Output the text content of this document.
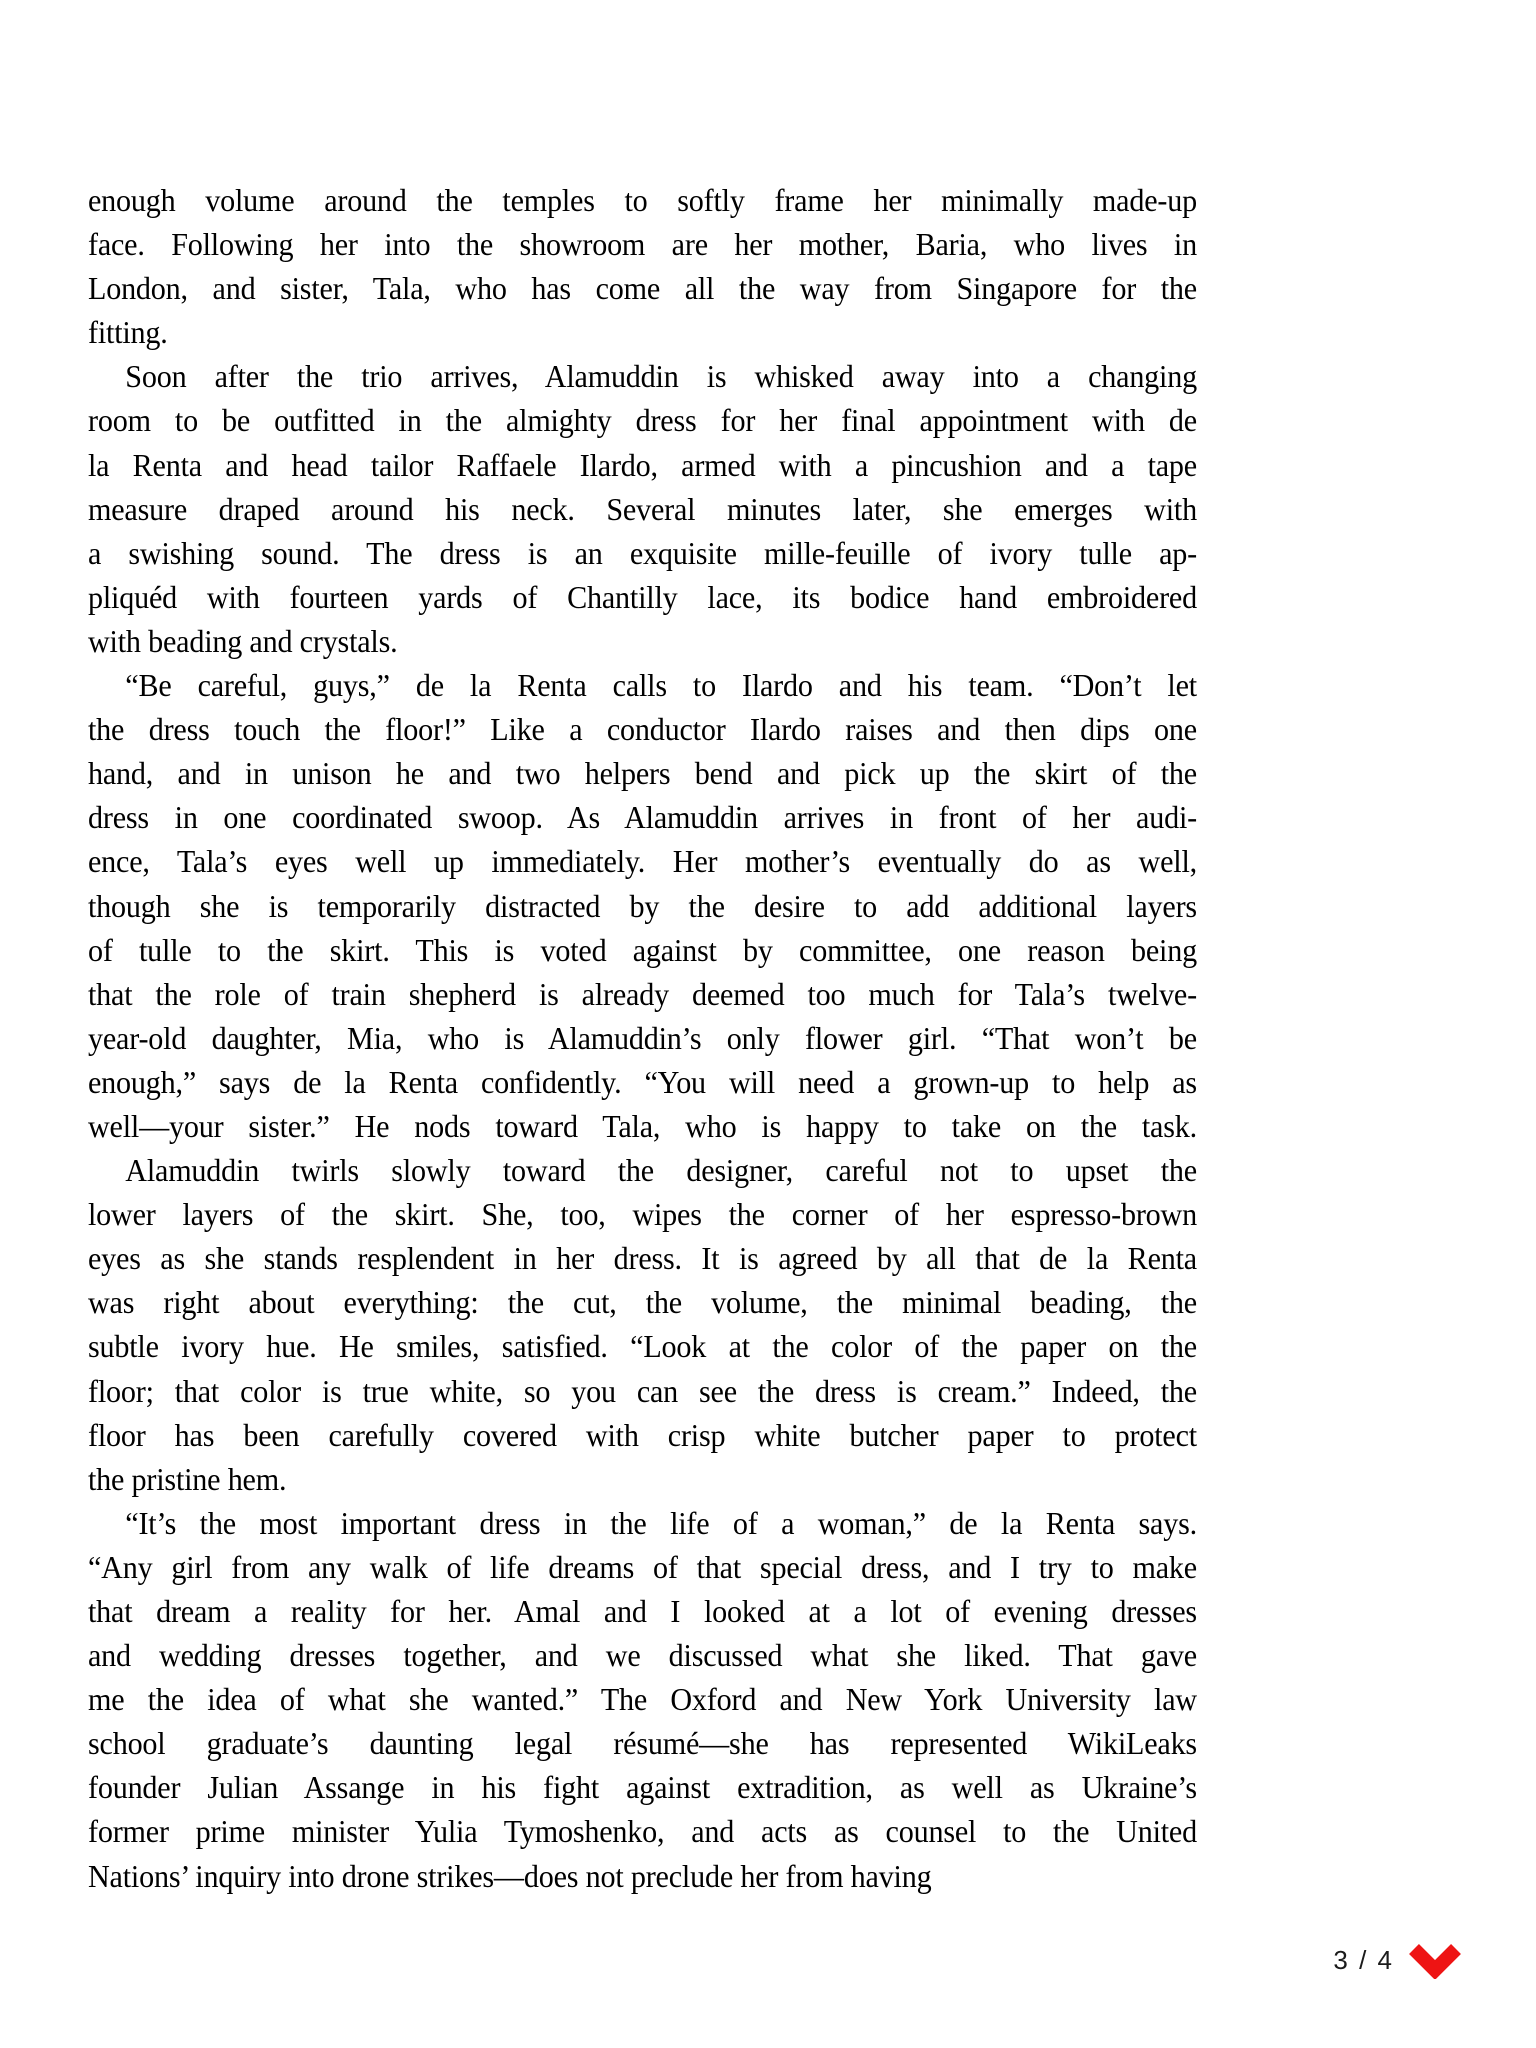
enough volume around the temples to softly frame her minimally made-up
face. Following her into the showroom are her mother, Baria, who lives in
London, and sister, Tala, who has come all the way from Singapore for the
fitting.
Soon after the trio arrives, Alamuddin is whisked away into a changing
room to be outfitted in the almighty dress for her final appointment with de
la Renta and head tailor Raffaele Ilardo, armed with a pincushion and a tape
measure draped around his neck. Several minutes later, she emerges with
a swishing sound. The dress is an exquisite mille-feuille of ivory tulle ap-
pliquéd with fourteen yards of Chantilly lace, its bodice hand embroidered
with beading and crystals.
“Be careful, guys,” de la Renta calls to Ilardo and his team. “Don’t let
the dress touch the floor!” Like a conductor Ilardo raises and then dips one
hand, and in unison he and two helpers bend and pick up the skirt of the
dress in one coordinated swoop. As Alamuddin arrives in front of her audi-
ence, Tala’s eyes well up immediately. Her mother’s eventually do as well,
though she is temporarily distracted by the desire to add additional layers
of tulle to the skirt. This is voted against by committee, one reason being
that the role of train shepherd is already deemed too much for Tala’s twelve-
year-old daughter, Mia, who is Alamuddin’s only flower girl. “That won’t be
enough,” says de la Renta confidently. “You will need a grown-up to help as
well—your sister.” He nods toward Tala, who is happy to take on the task.
Alamuddin twirls slowly toward the designer, careful not to upset the
lower layers of the skirt. She, too, wipes the corner of her espresso-brown
eyes as she stands resplendent in her dress. It is agreed by all that de la Renta
was right about everything: the cut, the volume, the minimal beading, the
subtle ivory hue. He smiles, satisfied. “Look at the color of the paper on the
floor; that color is true white, so you can see the dress is cream.” Indeed, the
floor has been carefully covered with crisp white butcher paper to protect
the pristine hem.
“It’s the most important dress in the life of a woman,” de la Renta says.
“Any girl from any walk of life dreams of that special dress, and I try to make
that dream a reality for her. Amal and I looked at a lot of evening dresses
and wedding dresses together, and we discussed what she liked. That gave
me the idea of what she wanted.” The Oxford and New York University law
school graduate’s daunting legal résumé—she has represented WikiLeaks
founder Julian Assange in his fight against extradition, as well as Ukraine’s
former prime minister Yulia Tymoshenko, and acts as counsel to the United
Nations’ inquiry into drone strikes—does not preclude her from having
3 / 4
